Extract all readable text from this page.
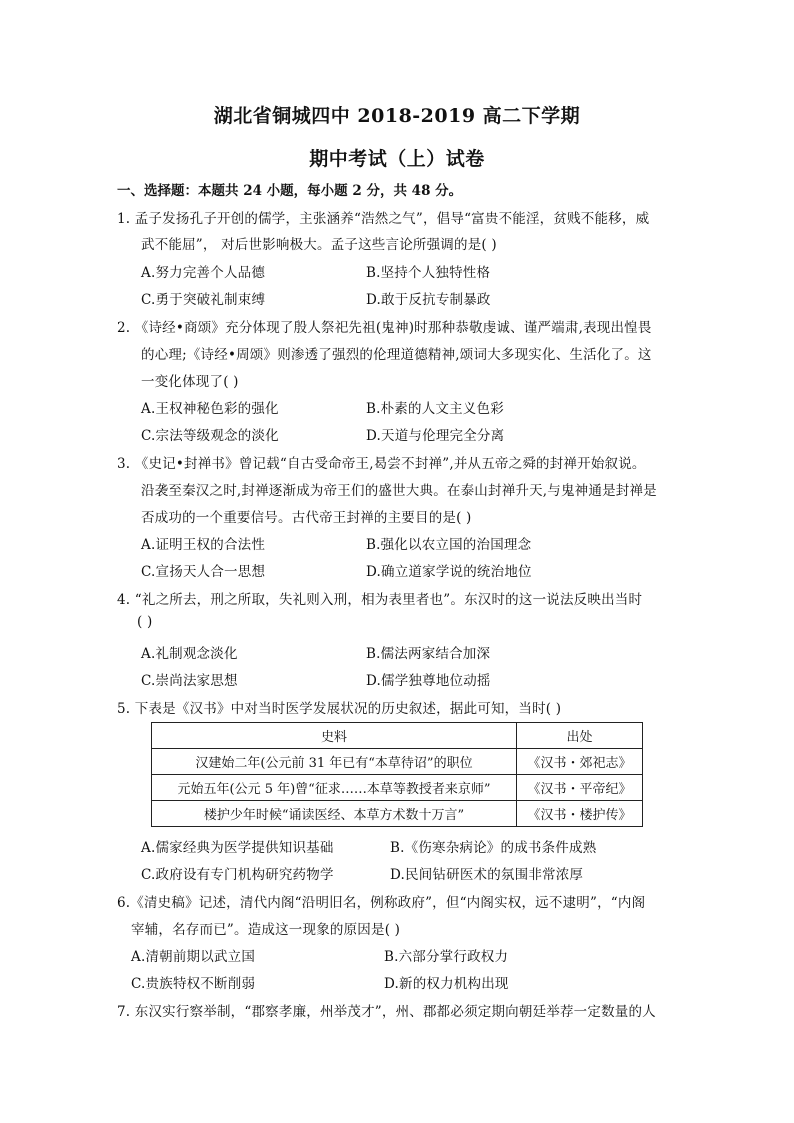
湖北省铜城四中 2018-2019 高二下学期
期中考试（上）试卷
一、选择题：本题共 24 小题，每小题 2 分，共 48 分。
1. 孟子发扬孔子开创的儒学，主张涵养“浩然之气”，倡导“富贵不能淫，贫贱不能移，威
武不能屈”， 对后世影响极大。孟子这些言论所强调的是( )
A.努力完善个人品德	B.坚持个人独特性格
C.勇于突破礼制束缚	D.敢于反抗专制暴政
2. 《诗经•商颂》充分体现了殷人祭祀先祖(鬼神)时那种恭敬虔诚、谨严端肃,表现出惶畏
的心理;《诗经•周颂》则渗透了强烈的伦理道德精神,颂词大多现实化、生活化了。这
一变化体现了( )
A.王权神秘色彩的强化	B.朴素的人文主义色彩
C.宗法等级观念的淡化	D.天道与伦理完全分离
3. 《史记•封禅书》曾记载“自古受命帝王,曷尝不封禅”,并从五帝之舜的封禅开始叙说。
沿袭至秦汉之时,封禅逐渐成为帝王们的盛世大典。在泰山封禅升天,与鬼神通是封禅是
否成功的一个重要信号。古代帝王封禅的主要目的是( )
A.证明王权的合法性	B.强化以农立国的治国理念
C.宣扬天人合一思想	D.确立道家学说的统治地位
4. “礼之所去，刑之所取，失礼则入刑，相为表里者也”。东汉时的这一说法反映出当时
( )
A.礼制观念淡化	B.儒法两家结合加深
C.崇尚法家思想	D.儒学独尊地位动摇
5. 下表是《汉书》中对当时医学发展状况的历史叙述，据此可知，当时( )
史料	出处
汉建始二年(公元前 31 年已有“本草待诏”的职位	《汉书・郊祀志》
元始五年(公元 5 年)曾“征求……本草等教授者来京师”	《汉书・平帝纪》
楼护少年时候“诵读医经、本草方术数十万言”	《汉书・楼护传》
A.儒家经典为医学提供知识基础	B.《伤寒杂病论》的成书条件成熟
C.政府设有专门机构研究药物学	D.民间钻研医术的氛围非常浓厚
6.《清史稿》记述，清代内阁“沿明旧名，例称政府”，但“内阁实权，远不逮明”，“内阁
宰辅，名存而已”。造成这一现象的原因是( )
A.清朝前期以武立国	B.六部分掌行政权力
C.贵族特权不断削弱	D.新的权力机构出现
7. 东汉实行察举制，“郡察孝廉，州举茂才”，州、郡都必须定期向朝廷举荐一定数量的人
